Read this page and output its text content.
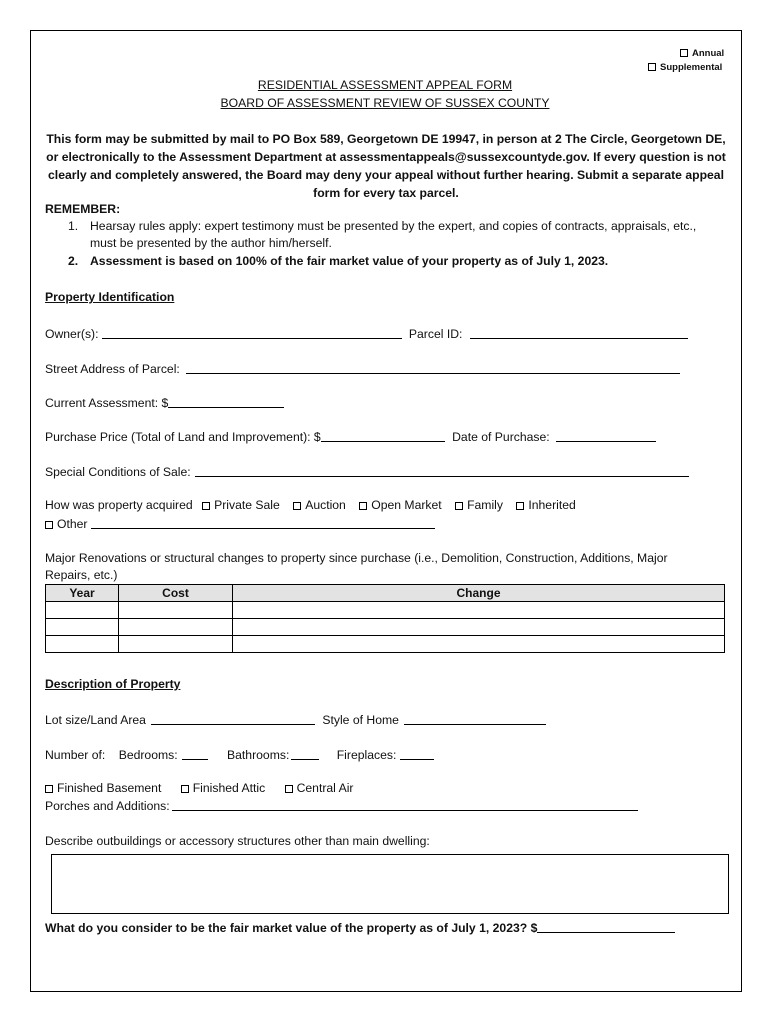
Annual
Supplemental
RESIDENTIAL ASSESSMENT APPEAL FORM
BOARD OF ASSESSMENT REVIEW OF SUSSEX COUNTY
This form may be submitted by mail to PO Box 589, Georgetown DE 19947, in person at 2 The Circle, Georgetown DE,
or electronically to the Assessment Department at assessmentappeals@sussexcountyde.gov. If every question is not
clearly and completely answered, the Board may deny your appeal without further hearing. Submit a separate appeal
form for every tax parcel.
REMEMBER:
1. Hearsay rules apply: expert testimony must be presented by the expert, and copies of contracts, appraisals, etc.,
must be presented by the author him/herself.
2. Assessment is based on 100% of the fair market value of your property as of July 1, 2023.
Property Identification
Owner(s):	Parcel ID:
Street Address of Parcel:
Current Assessment: $
Purchase Price (Total of Land and Improvement): $	Date of Purchase:
Special Conditions of Sale:
How was property acquired Private Sale Auction Open Market Family Inherited
Other
Major Renovations or structural changes to property since purchase (i.e., Demolition, Construction, Additions, Major
Repairs, etc.)
Year	Cost	Change

Description of Property
Lot size/Land Area	Style of Home
Number of: Bedrooms:	Bathrooms:	Fireplaces:
Finished Basement	Finished Attic	Central Air
Porches and Additions:
Describe outbuildings or accessory structures other than main dwelling:
What do you consider to be the fair market value of the property as of July 1, 2023? $
